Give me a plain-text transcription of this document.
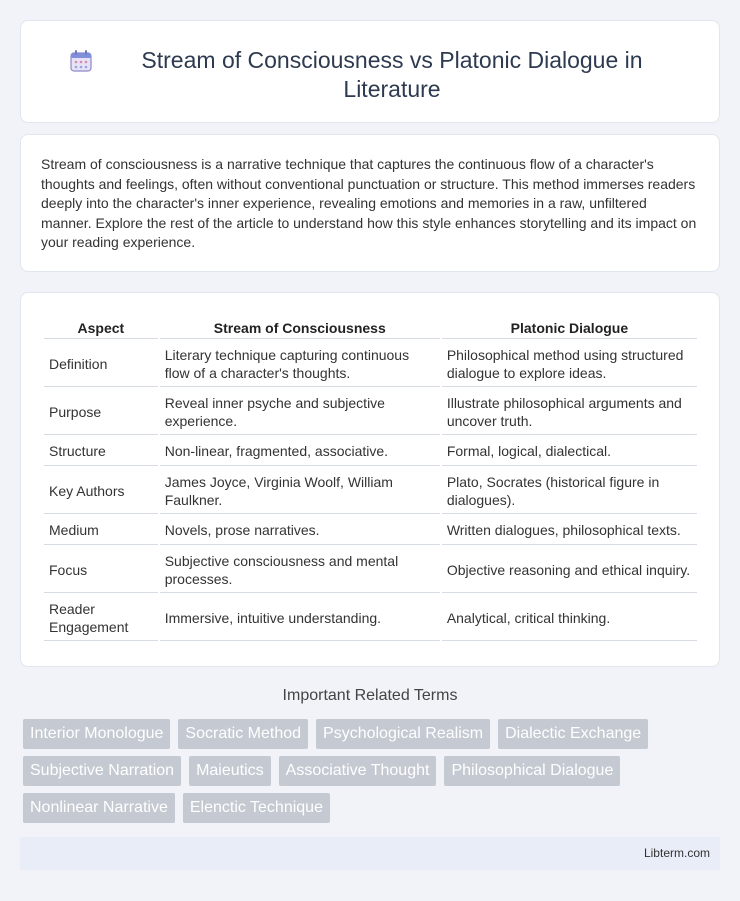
Stream of Consciousness vs Platonic Dialogue in Literature

Stream of consciousness is a narrative technique that captures the continuous flow of a character's thoughts and feelings, often without conventional punctuation or structure. This method immerses readers deeply into the character's inner experience, revealing emotions and memories in a raw, unfiltered manner. Explore the rest of the article to understand how this style enhances storytelling and its impact on your reading experience.

Aspect	Stream of Consciousness	Platonic Dialogue
Definition	Literary technique capturing continuous flow of a character's thoughts.	Philosophical method using structured dialogue to explore ideas.
Purpose	Reveal inner psyche and subjective experience.	Illustrate philosophical arguments and uncover truth.
Structure	Non-linear, fragmented, associative.	Formal, logical, dialectical.
Key Authors	James Joyce, Virginia Woolf, William Faulkner.	Plato, Socrates (historical figure in dialogues).
Medium	Novels, prose narratives.	Written dialogues, philosophical texts.
Focus	Subjective consciousness and mental processes.	Objective reasoning and ethical inquiry.
Reader Engagement	Immersive, intuitive understanding.	Analytical, critical thinking.
Important Related Terms
Interior Monologue	Socratic Method	Psychological Realism	Dialectic Exchange
Subjective Narration	Maieutics	Associative Thought	Philosophical Dialogue
Nonlinear Narrative	Elenctic Technique
Libterm.com
